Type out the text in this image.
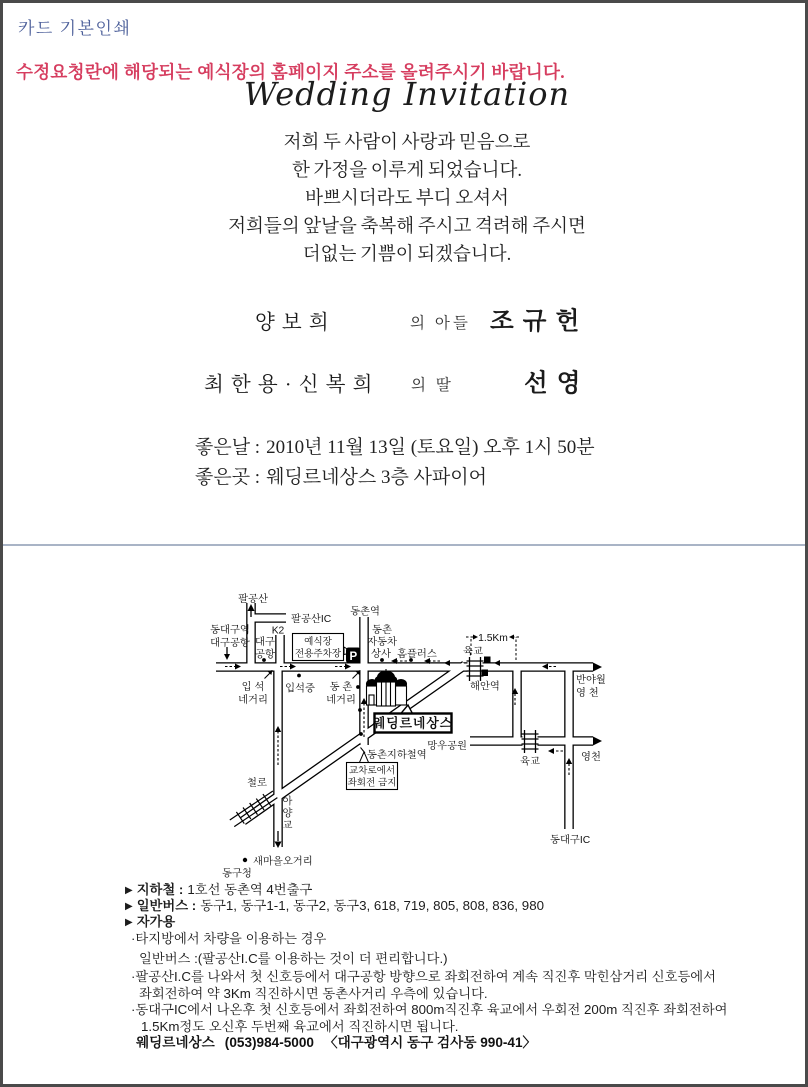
카드 기본인쇄
수정요청란에 해당되는 예식장의 홈페이지 주소를 올려주시기 바랍니다.
Wedding Invitation
저희 두 사람이 사랑과 믿음으로
한 가정을 이루게 되었습니다.
바쁘시더라도 부디 오셔서
저희들의 앞날을 축복해 주시고 격려해 주시면
더없는 기쁨이 되겠습니다.
양 보 희	의 아들 조 규 헌
최 한 용 · 신 복 희 의 딸	선 영
좋은날 : 2010년 11월 13일 (토요일) 오후 1시 50분
좋은곳 : 웨딩르네상스 3층 사파이어
1.5Km
웨딩르네상스
예식장
전용주차장 P
교차로에서
좌회전 금지
팔공산
팔공산IC
동대구역
대구공항
K2
대구
공항
동촌역
동촌
자동차
상사 홈플러스	육교
해안역
반야월
영 천
입 석
네거리
입석중 동 촌
네거리
망우공원
육교	영천
동대구IC
동촌지하철역
철로
아
양
교
새마을오거리
동구청
▶ 지하철 : 1호선 동촌역 4번출구
▶ 일반버스 : 동구1, 동구1-1, 동구2, 동구3, 618, 719, 805, 808, 836, 980
▶ 자가용
·타지방에서 차량을 이용하는 경우
일반버스 :(팔공산I.C를 이용하는 것이 더 편리합니다.)
·팔공산I.C를 나와서 첫 신호등에서 대구공항 방향으로 좌회전하여 계속 직진후 막힌삼거리 신호등에서
좌회전하여 약 3Km 직진하시면 동촌사거리 우측에 있습니다.
·동대구IC에서 나온후 첫 신호등에서 좌회전하여 800m직진후 육교에서 우회전 200m 직진후 좌회전하여
1.5Km정도 오신후 두번째 육교에서 직진하시면 됩니다.
웨딩르네상스 (053)984-5000 〈대구광역시 동구 검사동 990-41〉
